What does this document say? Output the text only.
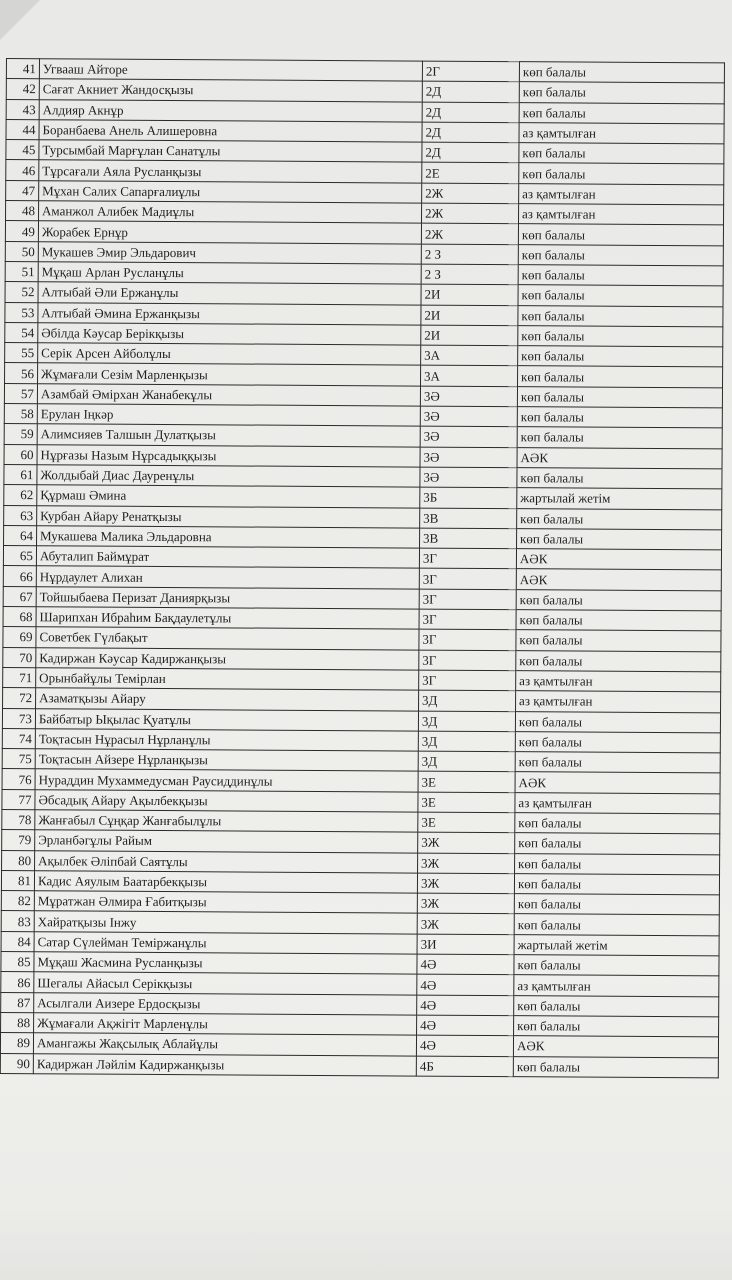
41	Угвааш Айторе	2Г	көп балалы
42	Сағат Акниет Жандосқызы	2Д	көп балалы
43	Алдияр Акнұр	2Д	көп балалы
44	Боранбаева Анель Алишеровна	2Д	аз қамтылған
45	Турсымбай Марғұлан Санатұлы	2Д	көп балалы
46	Тұрсағали Аяла Русланқызы	2Е	көп балалы
47	Мұхан Салих Сапарғалиұлы	2Ж	аз қамтылған
48	Аманжол Алибек Мадиұлы	2Ж	аз қамтылған
49	Жорабек Ернұр	2Ж	көп балалы
50	Мукашев Эмир Эльдарович	2 З	көп балалы
51	Мұқаш Арлан Русланұлы	2 З	көп балалы
52	Алтыбай Әли Ержанұлы	2И	көп балалы
53	Алтыбай Әмина Ержанқызы	2И	көп балалы
54	Әбілда Кәусар Берікқызы	2И	көп балалы
55	Серік Арсен Айболұлы	3А	көп балалы
56	Жұмағали Сезім Марленқызы	3А	көп балалы
57	Азамбай Әмірхан Жанабекұлы	3Ә	көп балалы
58	Ерулан Іңкәр	3Ә	көп балалы
59	Алимсияев Талшын Дулатқызы	3Ә	көп балалы
60	Нұрғазы Назым Нұрсадыққызы	3Ә	АӘК
61	Жолдыбай Диас Дауренұлы	3Ә	көп балалы
62	Құрмаш Әмина	3Б	жартылай жетім
63	Курбан Айару Ренатқызы	3В	көп балалы
64	Мукашева Малика Эльдаровна	3В	көп балалы
65	Абуталип Баймұрат	3Г	АӘК
66	Нұрдаулет Алихан	3Г	АӘК
67	Тойшыбаева Перизат Даниярқызы	3Г	көп балалы
68	Шарипхан Ибраһим Бақдаулетұлы	3Г	көп балалы
69	Советбек Гүлбақыт	3Г	көп балалы
70	Кадиржан Кәусар Кадиржанқызы	3Г	көп балалы
71	Орынбайұлы Темірлан	3Г	аз қамтылған
72	Азаматқызы Айару	3Д	аз қамтылған
73	Байбатыр Ықылас Қуатұлы	3Д	көп балалы
74	Тоқтасын Нұрасыл Нұрланұлы	3Д	көп балалы
75	Тоқтасын Айзере Нұрланқызы	3Д	көп балалы
76	Нураддин Мухаммедусман Раусиддинұлы	3Е	АӘК
77	Әбсадық Айару Ақылбекқызы	3Е	аз қамтылған
78	Жанғабыл Сұңқар Жанғабылұлы	3Е	көп балалы
79	Эрланбәгұлы Райым	3Ж	көп балалы
80	Ақылбек Әліпбай Саятұлы	3Ж	көп балалы
81	Кадис Аяулым Баатарбекқызы	3Ж	көп балалы
82	Мұратжан Әлмира Ғабитқызы	3Ж	көп балалы
83	Хайратқызы Інжу	3Ж	көп балалы
84	Сатар Сүлейман Теміржанұлы	3И	жартылай жетім
85	Мұқаш Жасмина Русланқызы	4Ә	көп балалы
86	Шегалы Айасыл Серікқызы	4Ә	аз қамтылған
87	Асылгали Аизере Ердосқызы	4Ә	көп балалы
88	Жұмағали Ақжігіт Марленұлы	4Ә	көп балалы
89	Амангажы Жақсылық Аблайұлы	4Ә	АӘК
90	Кадиржан Ләйлім Кадиржанқызы	4Б	көп балалы
